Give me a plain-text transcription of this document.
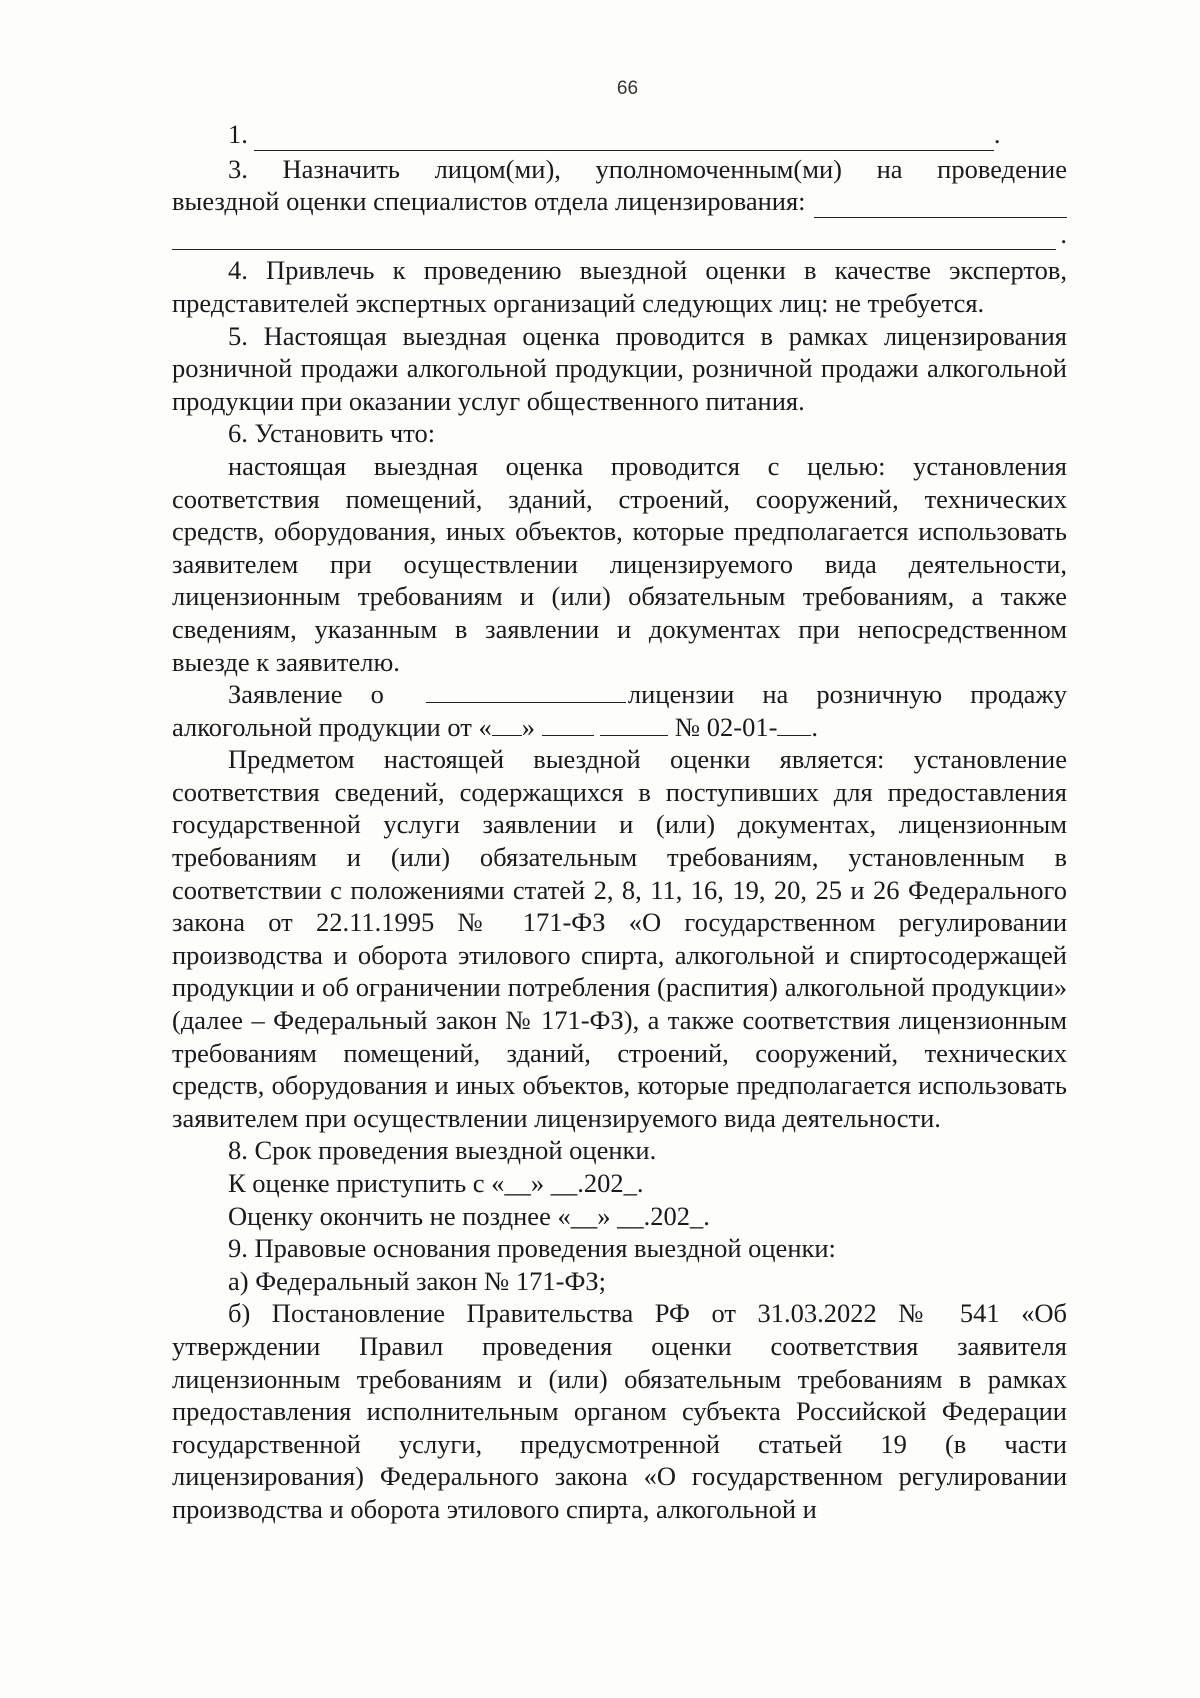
66
1.	.

3. Назначить лицом(ми), уполномоченным(ми) на проведение

выездной оценки специалистов отдела лицензирования:
.

4. Привлечь к проведению выездной оценки в качестве экспертов, представителей экспертных организаций следующих лиц: не требуется.

5. Настоящая выездная оценка проводится в рамках лицензирования розничной продажи алкогольной продукции, розничной продажи алкогольной продукции при оказании услуг общественного питания.

6. Установить что:

настоящая выездная оценка проводится с целью: установления соответствия помещений, зданий, строений, сооружений, технических средств, оборудования, иных объектов, которые предполагается использовать заявителем при осуществлении лицензируемого вида деятельности, лицензионным требованиям и (или) обязательным требованиям, а также сведениям, указанным в заявлении и документах при непосредственном выезде к заявителю.

Заявление о	лицензии на розничную продажу алкогольной продукции от « »	№ 02-01- .

Предметом настоящей выездной оценки является: установление соответствия сведений, содержащихся в поступивших для предоставления государственной услуги заявлении и (или) документах, лицензионным требованиям и (или) обязательным требованиям, установленным в соответствии с положениями статей 2, 8, 11, 16, 19, 20, 25 и 26 Федерального закона от 22.11.1995 № 171-ФЗ «О государственном регулировании производства и оборота этилового спирта, алкогольной и спиртосодержащей продукции и об ограничении потребления (распития) алкогольной продукции» (далее – Федеральный закон № 171-ФЗ), а также соответствия лицензионным требованиям помещений, зданий, строений, сооружений, технических средств, оборудования и иных объектов, которые предполагается использовать заявителем при осуществлении лицензируемого вида деятельности.

8. Срок проведения выездной оценки.

К оценке приступить с «__» __.202_.

Оценку окончить не позднее «__» __.202_.

9. Правовые основания проведения выездной оценки:

а) Федеральный закон № 171-ФЗ;

б) Постановление Правительства РФ от 31.03.2022 № 541 «Об утверждении Правил проведения оценки соответствия заявителя лицензионным требованиям и (или) обязательным требованиям в рамках предоставления исполнительным органом субъекта Российской Федерации государственной услуги, предусмотренной статьей 19 (в части лицензирования) Федерального закона «О государственном регулировании производства и оборота этилового спирта, алкогольной и
